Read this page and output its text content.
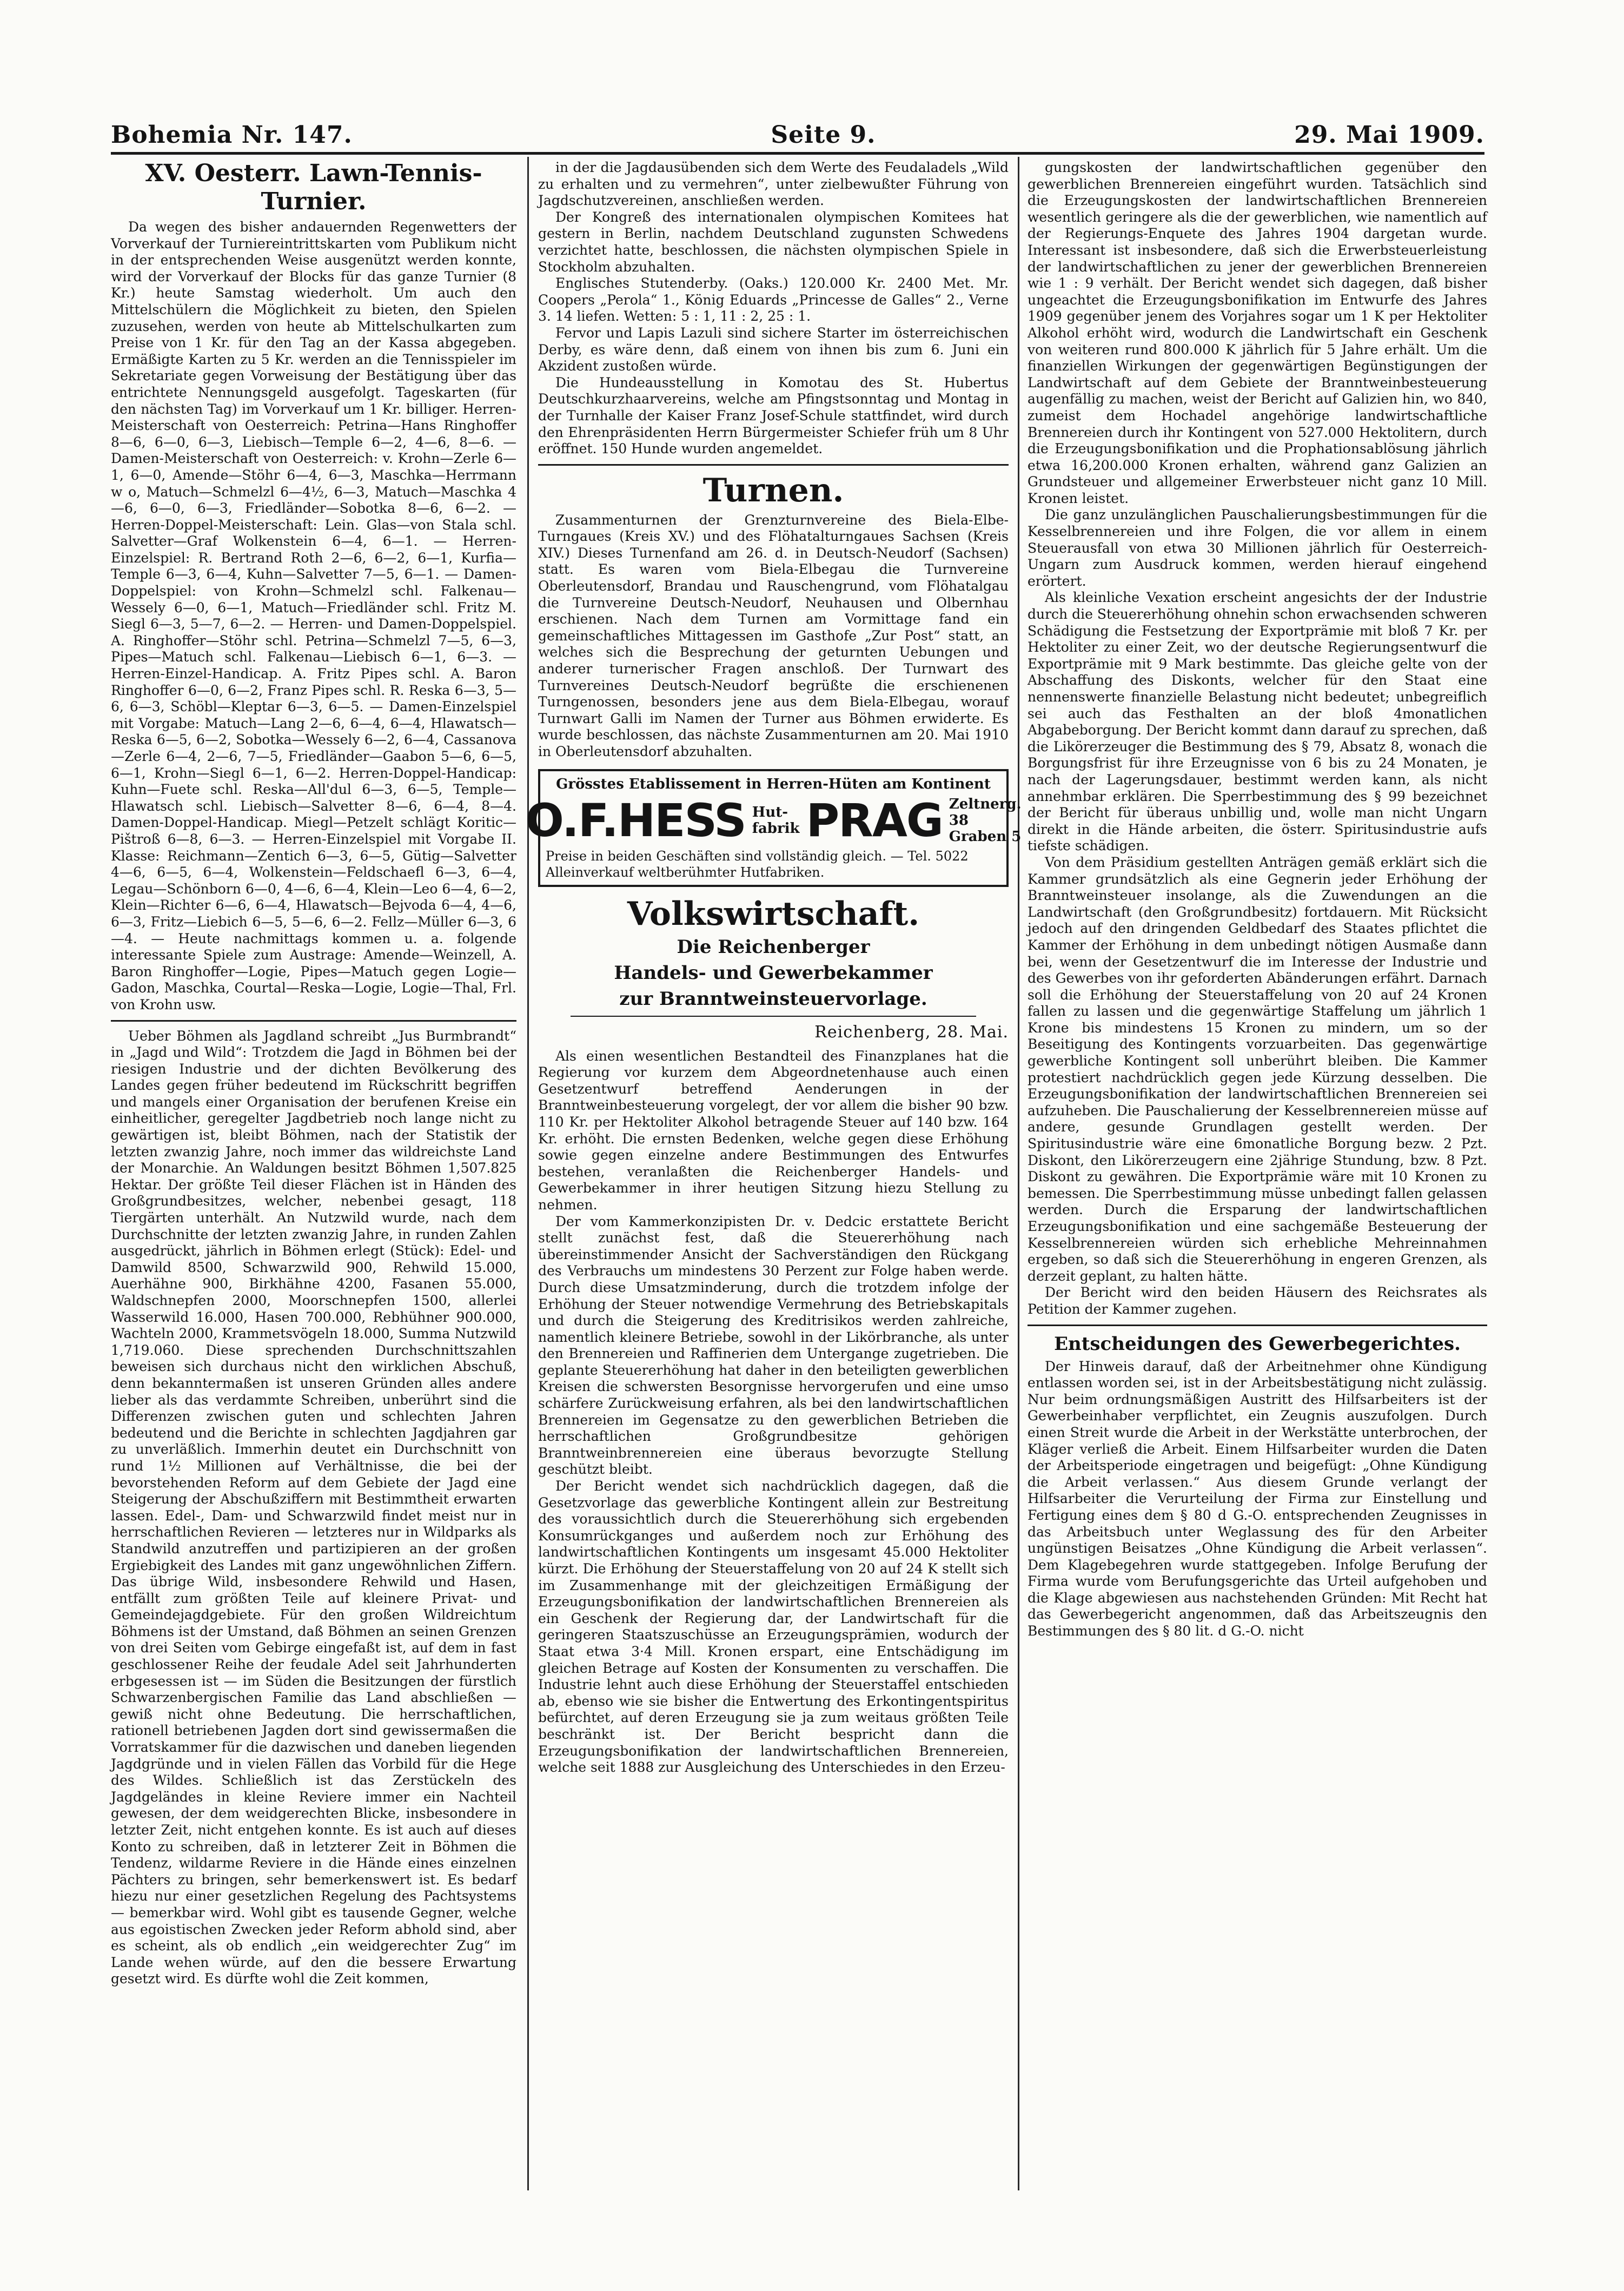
Bohemia Nr. 147.	Seite 9.	29. Mai 1909.
XV. Oesterr. Lawn-Tennis-Turnier.

Da wegen des bisher andauernden Regenwetters der Vorverkauf der Turniereintrittskarten vom Publikum nicht in der entsprechenden Weise ausgenützt werden konnte, wird der Vorverkauf der Blocks für das ganze Turnier (8 Kr.) heute Samstag wiederholt. Um auch den Mittelschülern die Möglichkeit zu bieten, den Spielen zuzusehen, werden von heute ab Mittelschulkarten zum Preise von 1 Kr. für den Tag an der Kassa abgegeben. Ermäßigte Karten zu 5 Kr. werden an die Tennisspieler im Sekretariate gegen Vorweisung der Bestätigung über das entrichtete Nennungsgeld ausgefolgt. Tageskarten (für den nächsten Tag) im Vorverkauf um 1 Kr. billiger. Herren-Meisterschaft von Oesterreich: Petrina—Hans Ringhoffer 8—6, 6—0, 6—3, Liebisch—Temple 6—2, 4—6, 8—6. — Damen-Meisterschaft von Oesterreich: v. Krohn—Zerle 6—1, 6—0, Amende—Stöhr 6—4, 6—3, Maschka—Herrmann w o, Matuch—Schmelzl 6—4½, 6—3, Matuch—Maschka 4—6, 6—0, 6—3, Friedländer—Sobotka 8—6, 6—2. — Herren-Doppel-Meisterschaft: Lein. Glas—von Stala schl. Salvetter—Graf Wolkenstein 6—4, 6—1. — Herren-Einzelspiel: R. Bertrand Roth 2—6, 6—2, 6—1, Kurfia—Temple 6—3, 6—4, Kuhn—Salvetter 7—5, 6—1. — Damen-Doppelspiel: von Krohn—Schmelzl schl. Falkenau—Wessely 6—0, 6—1, Matuch—Friedländer schl. Fritz M. Siegl 6—3, 5—7, 6—2. — Herren- und Damen-Doppelspiel. A. Ringhoffer—Stöhr schl. Petrina—Schmelzl 7—5, 6—3, Pipes—Matuch schl. Falkenau—Liebisch 6—1, 6—3. — Herren-Einzel-Handicap. A. Fritz Pipes schl. A. Baron Ringhoffer 6—0, 6—2, Franz Pipes schl. R. Reska 6—3, 5—6, 6—3, Schöbl—Kleptar 6—3, 6—5. — Damen-Einzelspiel mit Vorgabe: Matuch—Lang 2—6, 6—4, 6—4, Hlawatsch—Reska 6—5, 6—2, Sobotka—Wessely 6—2, 6—4, Cassanova—Zerle 6—4, 2—6, 7—5, Friedländer—Gaabon 5—6, 6—5, 6—1, Krohn—Siegl 6—1, 6—2. Herren-Doppel-Handicap: Kuhn—Fuete schl. Reska—All'dul 6—3, 6—5, Temple—Hlawatsch schl. Liebisch—Salvetter 8—6, 6—4, 8—4. Damen-Doppel-Handicap. Miegl—Petzelt schlägt Koritic—Pištroß 6—8, 6—3. — Herren-Einzelspiel mit Vorgabe II. Klasse: Reichmann—Zentich 6—3, 6—5, Gütig—Salvetter 4—6, 6—5, 6—4, Wolkenstein—Feldschaefl 6—3, 6—4, Legau—Schönborn 6—0, 4—6, 6—4, Klein—Leo 6—4, 6—2, Klein—Richter 6—6, 6—4, Hlawatsch—Bejvoda 6—4, 4—6, 6—3, Fritz—Liebich 6—5, 5—6, 6—2. Fellz—Müller 6—3, 6—4. — Heute nachmittags kommen u. a. folgende interessante Spiele zum Austrage: Amende—Weinzell, A. Baron Ringhoffer—Logie, Pipes—Matuch gegen Logie—Gadon, Maschka, Courtal—Reska—Logie, Logie—Thal, Frl. von Krohn usw.

Ueber Böhmen als Jagdland schreibt „Jus Burmbrandt“ in „Jagd und Wild“: Trotzdem die Jagd in Böhmen bei der riesigen Industrie und der dichten Bevölkerung des Landes gegen früher bedeutend im Rückschritt begriffen und mangels einer Organisation der berufenen Kreise ein einheitlicher, geregelter Jagdbetrieb noch lange nicht zu gewärtigen ist, bleibt Böhmen, nach der Statistik der letzten zwanzig Jahre, noch immer das wildreichste Land der Monarchie. An Waldungen besitzt Böhmen 1,507.825 Hektar. Der größte Teil dieser Flächen ist in Händen des Großgrundbesitzes, welcher, nebenbei gesagt, 118 Tiergärten unterhält. An Nutzwild wurde, nach dem Durchschnitte der letzten zwanzig Jahre, in runden Zahlen ausgedrückt, jährlich in Böhmen erlegt (Stück): Edel- und Damwild 8500, Schwarzwild 900, Rehwild 15.000, Auerhähne 900, Birkhähne 4200, Fasanen 55.000, Waldschnepfen 2000, Moorschnepfen 1500, allerlei Wasserwild 16.000, Hasen 700.000, Rebhühner 900.000, Wachteln 2000, Krammetsvögeln 18.000, Summa Nutzwild 1,719.060. Diese sprechenden Durchschnittszahlen beweisen sich durchaus nicht den wirklichen Abschuß, denn bekanntermaßen ist unseren Gründen alles andere lieber als das verdammte Schreiben, unberührt sind die Differenzen zwischen guten und schlechten Jahren bedeutend und die Berichte in schlechten Jagdjahren gar zu unverläßlich. Immerhin deutet ein Durchschnitt von rund 1½ Millionen auf Verhältnisse, die bei der bevorstehenden Reform auf dem Gebiete der Jagd eine Steigerung der Abschußziffern mit Bestimmtheit erwarten lassen. Edel-, Dam- und Schwarzwild findet meist nur in herrschaftlichen Revieren — letzteres nur in Wildparks als Standwild anzutreffen und partizipieren an der großen Ergiebigkeit des Landes mit ganz ungewöhnlichen Ziffern. Das übrige Wild, insbesondere Rehwild und Hasen, entfällt zum größten Teile auf kleinere Privat- und Gemeindejagdgebiete. Für den großen Wildreichtum Böhmens ist der Umstand, daß Böhmen an seinen Grenzen von drei Seiten vom Gebirge eingefaßt ist, auf dem in fast geschlossener Reihe der feudale Adel seit Jahrhunderten erbgesessen ist — im Süden die Besitzungen der fürstlich Schwarzenbergischen Familie das Land abschließen — gewiß nicht ohne Bedeutung. Die herrschaftlichen, rationell betriebenen Jagden dort sind gewissermaßen die Vorratskammer für die dazwischen und daneben liegenden Jagdgründe und in vielen Fällen das Vorbild für die Hege des Wildes. Schließlich ist das Zerstückeln des Jagdgeländes in kleine Reviere immer ein Nachteil gewesen, der dem weidgerechten Blicke, insbesondere in letzter Zeit, nicht entgehen konnte. Es ist auch auf dieses Konto zu schreiben, daß in letzterer Zeit in Böhmen die Tendenz, wildarme Reviere in die Hände eines einzelnen Pächters zu bringen, sehr bemerkenswert ist. Es bedarf hiezu nur einer gesetzlichen Regelung des Pachtsystems — bemerkbar wird. Wohl gibt es tausende Gegner, welche aus egoistischen Zwecken jeder Reform abhold sind, aber es scheint, als ob endlich „ein weidgerechter Zug“ im Lande wehen würde, auf den die bessere Erwartung gesetzt wird. Es dürfte wohl die Zeit kommen,

in der die Jagdausübenden sich dem Werte des Feudaladels „Wild zu erhalten und zu vermehren“, unter zielbewußter Führung von Jagdschutzvereinen, anschließen werden.

Der Kongreß des internationalen olympischen Komitees hat gestern in Berlin, nachdem Deutschland zugunsten Schwedens verzichtet hatte, beschlossen, die nächsten olympischen Spiele in Stockholm abzuhalten.

Englisches Stutenderby. (Oaks.) 120.000 Kr. 2400 Met. Mr. Coopers „Perola“ 1., König Eduards „Princesse de Galles“ 2., Verne 3. 14 liefen. Wetten: 5 : 1, 11 : 2, 25 : 1.

Fervor und Lapis Lazuli sind sichere Starter im österreichischen Derby, es wäre denn, daß einem von ihnen bis zum 6. Juni ein Akzident zustoßen würde.

Die Hundeausstellung in Komotau des St. Hubertus Deutschkurzhaarvereins, welche am Pfingstsonntag und Montag in der Turnhalle der Kaiser Franz Josef-Schule stattfindet, wird durch den Ehrenpräsidenten Herrn Bürgermeister Schiefer früh um 8 Uhr eröffnet. 150 Hunde wurden angemeldet.

Turnen.

Zusammenturnen der Grenzturnvereine des Biela-Elbe-Turngaues (Kreis XV.) und des Flöhatalturngaues Sachsen (Kreis XIV.) Dieses Turnenfand am 26. d. in Deutsch-Neudorf (Sachsen) statt. Es waren vom Biela-Elbegau die Turnvereine Oberleutensdorf, Brandau und Rauschengrund, vom Flöhatalgau die Turnvereine Deutsch-Neudorf, Neuhausen und Olbernhau erschienen. Nach dem Turnen am Vormittage fand ein gemeinschaftliches Mittagessen im Gasthofe „Zur Post“ statt, an welches sich die Besprechung der geturnten Uebungen und anderer turnerischer Fragen anschloß. Der Turnwart des Turnvereines Deutsch-Neudorf begrüßte die erschienenen Turngenossen, besonders jene aus dem Biela-Elbegau, worauf Turnwart Galli im Namen der Turner aus Böhmen erwiderte. Es wurde beschlossen, das nächste Zusammenturnen am 20. Mai 1910 in Oberleutensdorf abzuhalten.

Grösstes Etablissement in Herren-Hüten am Kontinent
O.F.HESS Hut-
fabrik PRAG Zeltnerg. 38
Graben 5
Preise in beiden Geschäften sind vollständig gleich. — Tel. 5022 Alleinverkauf weltberühmter Hutfabriken.
Volkswirtschaft.
Die Reichenberger
Handels- und Gewerbekammer
zur Branntweinsteuervorlage.
Reichenberg, 28. Mai.

Als einen wesentlichen Bestandteil des Finanzplanes hat die Regierung vor kurzem dem Abgeordnetenhause auch einen Gesetzentwurf betreffend Aenderungen in der Branntweinbesteuerung vorgelegt, der vor allem die bisher 90 bzw. 110 Kr. per Hektoliter Alkohol betragende Steuer auf 140 bzw. 164 Kr. erhöht. Die ernsten Bedenken, welche gegen diese Erhöhung sowie gegen einzelne andere Bestimmungen des Entwurfes bestehen, veranlaßten die Reichenberger Handels- und Gewerbekammer in ihrer heutigen Sitzung hiezu Stellung zu nehmen.

Der vom Kammerkonzipisten Dr. v. Dedcic erstattete Bericht stellt zunächst fest, daß die Steuererhöhung nach übereinstimmender Ansicht der Sachverständigen den Rückgang des Verbrauchs um mindestens 30 Perzent zur Folge haben werde. Durch diese Umsatzminderung, durch die trotzdem infolge der Erhöhung der Steuer notwendige Vermehrung des Betriebskapitals und durch die Steigerung des Kreditrisikos werden zahlreiche, namentlich kleinere Betriebe, sowohl in der Likörbranche, als unter den Brennereien und Raffinerien dem Untergange zugetrieben. Die geplante Steuererhöhung hat daher in den beteiligten gewerblichen Kreisen die schwersten Besorgnisse hervorgerufen und eine umso schärfere Zurückweisung erfahren, als bei den landwirtschaftlichen Brennereien im Gegensatze zu den gewerblichen Betrieben die herrschaftlichen Großgrundbesitze gehörigen Branntweinbrennereien eine überaus bevorzugte Stellung geschützt bleibt.

Der Bericht wendet sich nachdrücklich dagegen, daß die Gesetzvorlage das gewerbliche Kontingent allein zur Bestreitung des voraussichtlich durch die Steuererhöhung sich ergebenden Konsumrückganges und außerdem noch zur Erhöhung des landwirtschaftlichen Kontingents um insgesamt 45.000 Hektoliter kürzt. Die Erhöhung der Steuerstaffelung von 20 auf 24 K stellt sich im Zusammenhange mit der gleichzeitigen Ermäßigung der Erzeugungsbonifikation der landwirtschaftlichen Brennereien als ein Geschenk der Regierung dar, der Landwirtschaft für die geringeren Staatszuschüsse an Erzeugungsprämien, wodurch der Staat etwa 3·4 Mill. Kronen erspart, eine Entschädigung im gleichen Betrage auf Kosten der Konsumenten zu verschaffen. Die Industrie lehnt auch diese Erhöhung der Steuerstaffel entschieden ab, ebenso wie sie bisher die Entwertung des Erkontingentspiritus befürchtet, auf deren Erzeugung sie ja zum weitaus größten Teile beschränkt ist. Der Bericht bespricht dann die Erzeugungsbonifikation der landwirtschaftlichen Brennereien, welche seit 1888 zur Ausgleichung des Unterschiedes in den Erzeu-

gungskosten der landwirtschaftlichen gegenüber den gewerblichen Brennereien eingeführt wurden. Tatsächlich sind die Erzeugungskosten der landwirtschaftlichen Brennereien wesentlich geringere als die der gewerblichen, wie namentlich auf der Regierungs-Enquete des Jahres 1904 dargetan wurde. Interessant ist insbesondere, daß sich die Erwerbsteuerleistung der landwirtschaftlichen zu jener der gewerblichen Brennereien wie 1 : 9 verhält. Der Bericht wendet sich dagegen, daß bisher ungeachtet die Erzeugungsbonifikation im Entwurfe des Jahres 1909 gegenüber jenem des Vorjahres sogar um 1 K per Hektoliter Alkohol erhöht wird, wodurch die Landwirtschaft ein Geschenk von weiteren rund 800.000 K jährlich für 5 Jahre erhält. Um die finanziellen Wirkungen der gegenwärtigen Begünstigungen der Landwirtschaft auf dem Gebiete der Branntweinbesteuerung augenfällig zu machen, weist der Bericht auf Galizien hin, wo 840, zumeist dem Hochadel angehörige landwirtschaftliche Brennereien durch ihr Kontingent von 527.000 Hektolitern, durch die Erzeugungsbonifikation und die Prophationsablösung jährlich etwa 16,200.000 Kronen erhalten, während ganz Galizien an Grundsteuer und allgemeiner Erwerbsteuer nicht ganz 10 Mill. Kronen leistet.

Die ganz unzulänglichen Pauschalierungsbestimmungen für die Kesselbrennereien und ihre Folgen, die vor allem in einem Steuerausfall von etwa 30 Millionen jährlich für Oesterreich-Ungarn zum Ausdruck kommen, werden hierauf eingehend erörtert.

Als kleinliche Vexation erscheint angesichts der der Industrie durch die Steuererhöhung ohnehin schon erwachsenden schweren Schädigung die Festsetzung der Exportprämie mit bloß 7 Kr. per Hektoliter zu einer Zeit, wo der deutsche Regierungsentwurf die Exportprämie mit 9 Mark bestimmte. Das gleiche gelte von der Abschaffung des Diskonts, welcher für den Staat eine nennenswerte finanzielle Belastung nicht bedeutet; unbegreiflich sei auch das Festhalten an der bloß 4monatlichen Abgabeborgung. Der Bericht kommt dann darauf zu sprechen, daß die Likörerzeuger die Bestimmung des § 79, Absatz 8, wonach die Borgungsfrist für ihre Erzeugnisse von 6 bis zu 24 Monaten, je nach der Lagerungsdauer, bestimmt werden kann, als nicht annehmbar erklären. Die Sperrbestimmung des § 99 bezeichnet der Bericht für überaus unbillig und, wolle man nicht Ungarn direkt in die Hände arbeiten, die österr. Spiritusindustrie aufs tiefste schädigen.

Von dem Präsidium gestellten Anträgen gemäß erklärt sich die Kammer grundsätzlich als eine Gegnerin jeder Erhöhung der Branntweinsteuer insolange, als die Zuwendungen an die Landwirtschaft (den Großgrundbesitz) fortdauern. Mit Rücksicht jedoch auf den dringenden Geldbedarf des Staates pflichtet die Kammer der Erhöhung in dem unbedingt nötigen Ausmaße dann bei, wenn der Gesetzentwurf die im Interesse der Industrie und des Gewerbes von ihr geforderten Abänderungen erfährt. Darnach soll die Erhöhung der Steuerstaffelung von 20 auf 24 Kronen fallen zu lassen und die gegenwärtige Staffelung um jährlich 1 Krone bis mindestens 15 Kronen zu mindern, um so der Beseitigung des Kontingents vorzuarbeiten. Das gegenwärtige gewerbliche Kontingent soll unberührt bleiben. Die Kammer protestiert nachdrücklich gegen jede Kürzung desselben. Die Erzeugungsbonifikation der landwirtschaftlichen Brennereien sei aufzuheben. Die Pauschalierung der Kesselbrennereien müsse auf andere, gesunde Grundlagen gestellt werden. Der Spiritusindustrie wäre eine 6monatliche Borgung bezw. 2 Pzt. Diskont, den Likörerzeugern eine 2jährige Stundung, bzw. 8 Pzt. Diskont zu gewähren. Die Exportprämie wäre mit 10 Kronen zu bemessen. Die Sperrbestimmung müsse unbedingt fallen gelassen werden. Durch die Ersparung der landwirtschaftlichen Erzeugungsbonifikation und eine sachgemäße Besteuerung der Kesselbrennereien würden sich erhebliche Mehreinnahmen ergeben, so daß sich die Steuererhöhung in engeren Grenzen, als derzeit geplant, zu halten hätte.

Der Bericht wird den beiden Häusern des Reichsrates als Petition der Kammer zugehen.

Entscheidungen des Gewerbegerichtes.

Der Hinweis darauf, daß der Arbeitnehmer ohne Kündigung entlassen worden sei, ist in der Arbeitsbestätigung nicht zulässig. Nur beim ordnungsmäßigen Austritt des Hilfsarbeiters ist der Gewerbeinhaber verpflichtet, ein Zeugnis auszufolgen. Durch einen Streit wurde die Arbeit in der Werkstätte unterbrochen, der Kläger verließ die Arbeit. Einem Hilfsarbeiter wurden die Daten der Arbeitsperiode eingetragen und beigefügt: „Ohne Kündigung die Arbeit verlassen.“ Aus diesem Grunde verlangt der Hilfsarbeiter die Verurteilung der Firma zur Einstellung und Fertigung eines dem § 80 d G.-O. entsprechenden Zeugnisses in das Arbeitsbuch unter Weglassung des für den Arbeiter ungünstigen Beisatzes „Ohne Kündigung die Arbeit verlassen“. Dem Klagebegehren wurde stattgegeben. Infolge Berufung der Firma wurde vom Berufungsgerichte das Urteil aufgehoben und die Klage abgewiesen aus nachstehenden Gründen: Mit Recht hat das Gewerbegericht angenommen, daß das Arbeitszeugnis den Bestimmungen des § 80 lit. d G.-O. nicht
